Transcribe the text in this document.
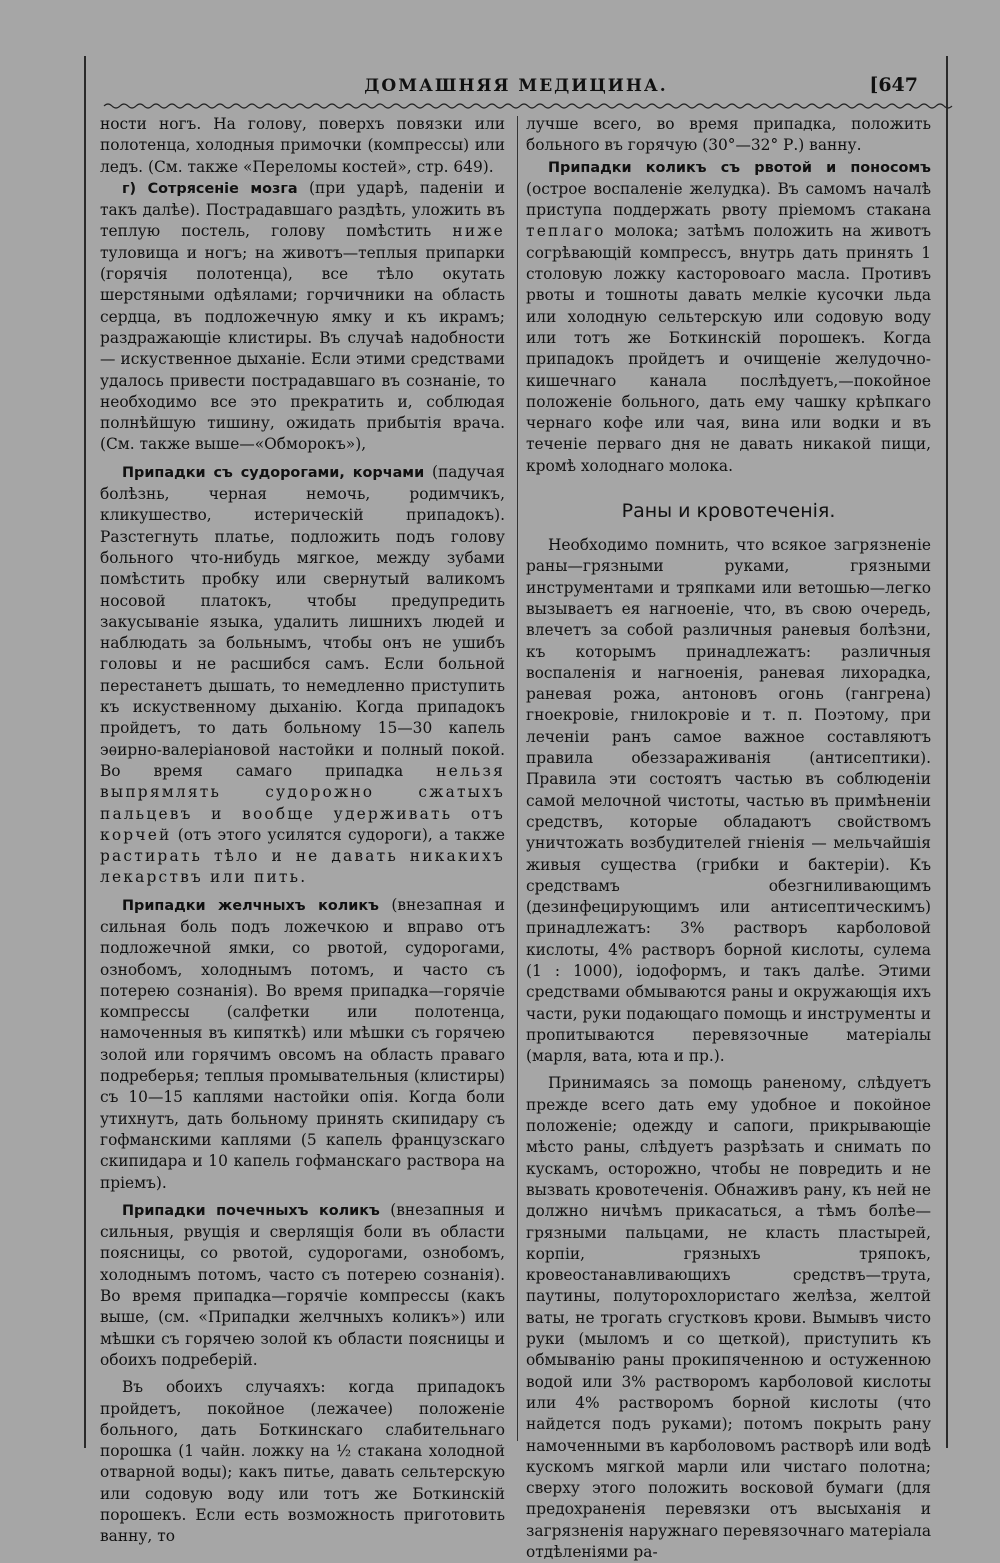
ДОМАШНЯЯ МЕДИЦИНА.	[647

ности ногъ. На голову, поверхъ повязки или полотенца, холодныя примочки (компрессы) или ледъ. (См. также «Переломы костей», стр. 649).

г) Сотрясеніе мозга (при ударѣ, паденіи и такъ далѣе). Пострадавшаго раздѣть, уложить въ теплую постель, голову помѣстить ниже туловища и ногъ; на животъ—теплыя припарки (горячія полотенца), все тѣло окутать шерстяными одѣялами; горчичники на область сердца, въ подложечную ямку и къ икрамъ; раздражающіе клистиры. Въ случаѣ надобности — искуственное дыханіе. Если этими средствами удалось привести пострадавшаго въ сознаніе, то необходимо все это прекратить и, соблюдая полнѣйшую тишину, ожидать прибытія врача. (См. также выше—«Обморокъ»),

Припадки съ судорогами, корчами (падучая болѣзнь, черная немочь, родимчикъ, кликушество, истерическій припадокъ). Разстегнуть платье, подложить подъ голову больного что-нибудь мягкое, между зубами помѣстить пробку или свернутый валикомъ носовой платокъ, чтобы предупредить закусываніе языка, удалить лишнихъ людей и наблюдать за больнымъ, чтобы онъ не ушибъ головы и не расшибся самъ. Если больной перестанетъ дышать, то немедленно приступить къ искуственному дыханію. Когда припадокъ пройдетъ, то дать больному 15—30 капель эѳирно-валеріановой настойки и полный покой. Во время самаго припадка нельзя выпрямлять судорожно сжатыхъ пальцевъ и вообще удерживать отъ корчей (отъ этого усилятся судороги), а также растирать тѣло и не давать никакихъ лекарствъ или пить.

Припадки желчныхъ коликъ (внезапная и сильная боль подъ ложечкою и вправо отъ подложечной ямки, со рвотой, судорогами, ознобомъ, холоднымъ потомъ, и часто съ потерею сознанія). Во время припадка—горячіе компрессы (салфетки или полотенца, намоченныя въ кипяткѣ) или мѣшки съ горячею золой или горячимъ овсомъ на область праваго подреберья; теплыя промывательныя (клистиры) съ 10—15 каплями настойки опія. Когда боли утихнутъ, дать больному принять скипидару съ гофманскими каплями (5 капель французскаго скипидара и 10 капель гофманскаго раствора на пріемъ).

Припадки почечныхъ коликъ (внезапныя и сильныя, рвущія и сверлящія боли въ области поясницы, со рвотой, судорогами, ознобомъ, холоднымъ потомъ, часто съ потерею сознанія). Во время припадка—горячіе компрессы (какъ выше, (см. «Припадки желчныхъ коликъ») или мѣшки съ горячею золой къ области поясницы и обоихъ подреберій.

Въ обоихъ случаяхъ: когда припадокъ пройдетъ, покойное (лежачее) положеніе больного, дать Боткинскаго слабительнаго порошка (1 чайн. ложку на ½ стакана холодной отварной воды); какъ питье, давать сельтерскую или содовую воду или тотъ же Боткинскій порошекъ. Если есть возможность приготовить ванну, то

лучше всего, во время припадка, положить больного въ горячую (30°—32° Р.) ванну.

Припадки коликъ съ рвотой и поносомъ (острое воспаленіе желудка). Въ самомъ началѣ приступа поддержать рвоту пріемомъ стакана теплаго молока; затѣмъ положить на животъ согрѣвающій компрессъ, внутрь дать принять 1 столовую ложку касторовоаго масла. Противъ рвоты и тошноты давать мелкіе кусочки льда или холодную сельтерскую или содовую воду или тотъ же Боткинскій порошекъ. Когда припадокъ пройдетъ и очищеніе желудочно-кишечнаго канала послѣдуетъ,—покойное положеніе больного, дать ему чашку крѣпкаго чернаго кофе или чая, вина или водки и въ теченіе перваго дня не давать никакой пищи, кромѣ холоднаго молока.

Раны и кровотеченія.

Необходимо помнить, что всякое загрязненіе раны—грязными руками, грязными инструментами и тряпками или ветошью—легко вызываетъ ея нагноеніе, что, въ свою очередь, влечетъ за собой различныя раневыя болѣзни, къ которымъ принадлежатъ: различныя воспаленія и нагноенія, раневая лихорадка, раневая рожа, антоновъ огонь (гангрена) гноекровіе, гнилокровіе и т. п. Поэтому, при леченіи ранъ самое важное составляютъ правила обеззараживанія (антисептики). Правила эти состоятъ частью въ соблюденіи самой мелочной чистоты, частью въ примѣненіи средствъ, которые обладаютъ свойствомъ уничтожать возбудителей гніенія — мельчайшія живыя существа (грибки и бактеріи). Къ средствамъ обезгниливающимъ (дезинфецирующимъ или антисептическимъ) принадлежатъ: 3% растворъ карболовой кислоты, 4% растворъ борной кислоты, сулема (1 : 1000), іодоформъ, и такъ далѣе. Этими средствами обмываются раны и окружающія ихъ части, руки подающаго помощь и инструменты и пропитываются перевязочные матеріалы (марля, вата, юта и пр.).

Принимаясь за помощь раненому, слѣдуетъ прежде всего дать ему удобное и покойное положеніе; одежду и сапоги, прикрывающіе мѣсто раны, слѣдуетъ разрѣзать и снимать по кускамъ, осторожно, чтобы не повредить и не вызвать кровотеченія. Обнаживъ рану, къ ней не должно ничѣмъ прикасаться, а тѣмъ болѣе—грязными пальцами, не класть пластырей, корпіи, грязныхъ тряпокъ, кровеостанавливающихъ средствъ—трута, паутины, полуторохлористаго желѣза, желтой ваты, не трогать сгустковъ крови. Вымывъ чисто руки (мыломъ и со щеткой), приступить къ обмыванію раны прокипяченною и остуженною водой или 3% растворомъ карболовой кислоты или 4% растворомъ борной кислоты (что найдется подъ руками); потомъ покрыть рану намоченными въ карболовомъ растворѣ или водѣ кускомъ мягкой марли или чистаго полотна; сверху этого положить восковой бумаги (для предохраненія перевязки отъ высыханія и загрязненія наружнаго перевязочнаго матеріала отдѣленіями ра-
